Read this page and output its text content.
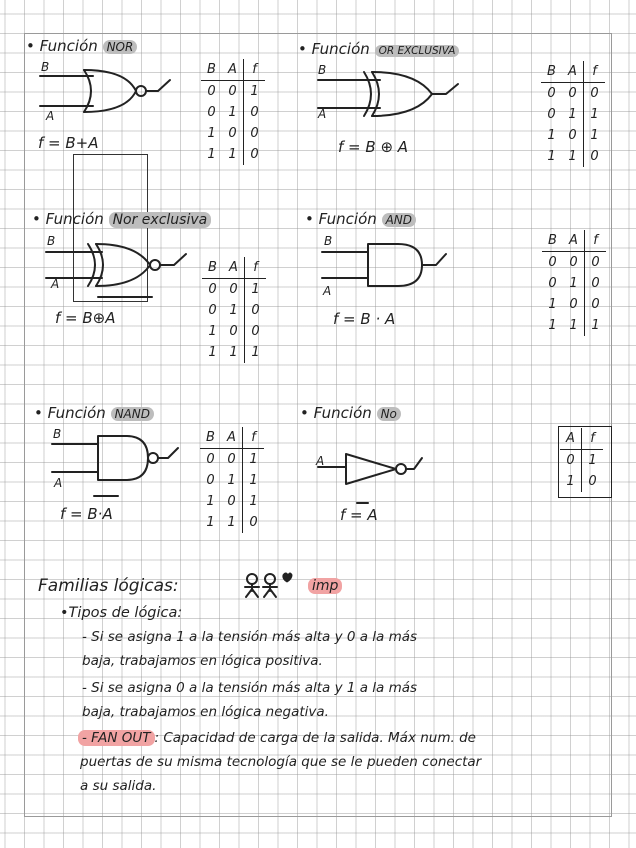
• Función NOR
B
A
f = B+A
B	A	f
0	0	1
0	1	0
1	0	0
1	1	0
• Función OR EXCLUSIVA
B
A
f = B ⊕ A
B	A	f
0	0	0
0	1	1
1	0	1
1	1	0
• Función Nor exclusiva
B
A
f = B⊕A
B	A	f
0	0	1
0	1	0
1	0	0
1	1	1
• Función AND
B
A
f = B · A
B	A	f
0	0	0
0	1	0
1	0	0
1	1	1
• Función NAND
B
A
f = B·A
B	A	f
0	0	1
0	1	1
1	0	1
1	1	0
• Función No
A
f = A
A	f
0	1
1	0
Familias lógicas:	imp
•Tipos de lógica:
- Si se asigna 1 a la tensión más alta y 0 a la más
baja, trabajamos en lógica positiva.
- Si se asigna 0 a la tensión más alta y 1 a la más
baja, trabajamos en lógica negativa.
- FAN OUT : Capacidad de carga de la salida. Máx num. de
puertas de su misma tecnología que se le pueden conectar
a su salida.
